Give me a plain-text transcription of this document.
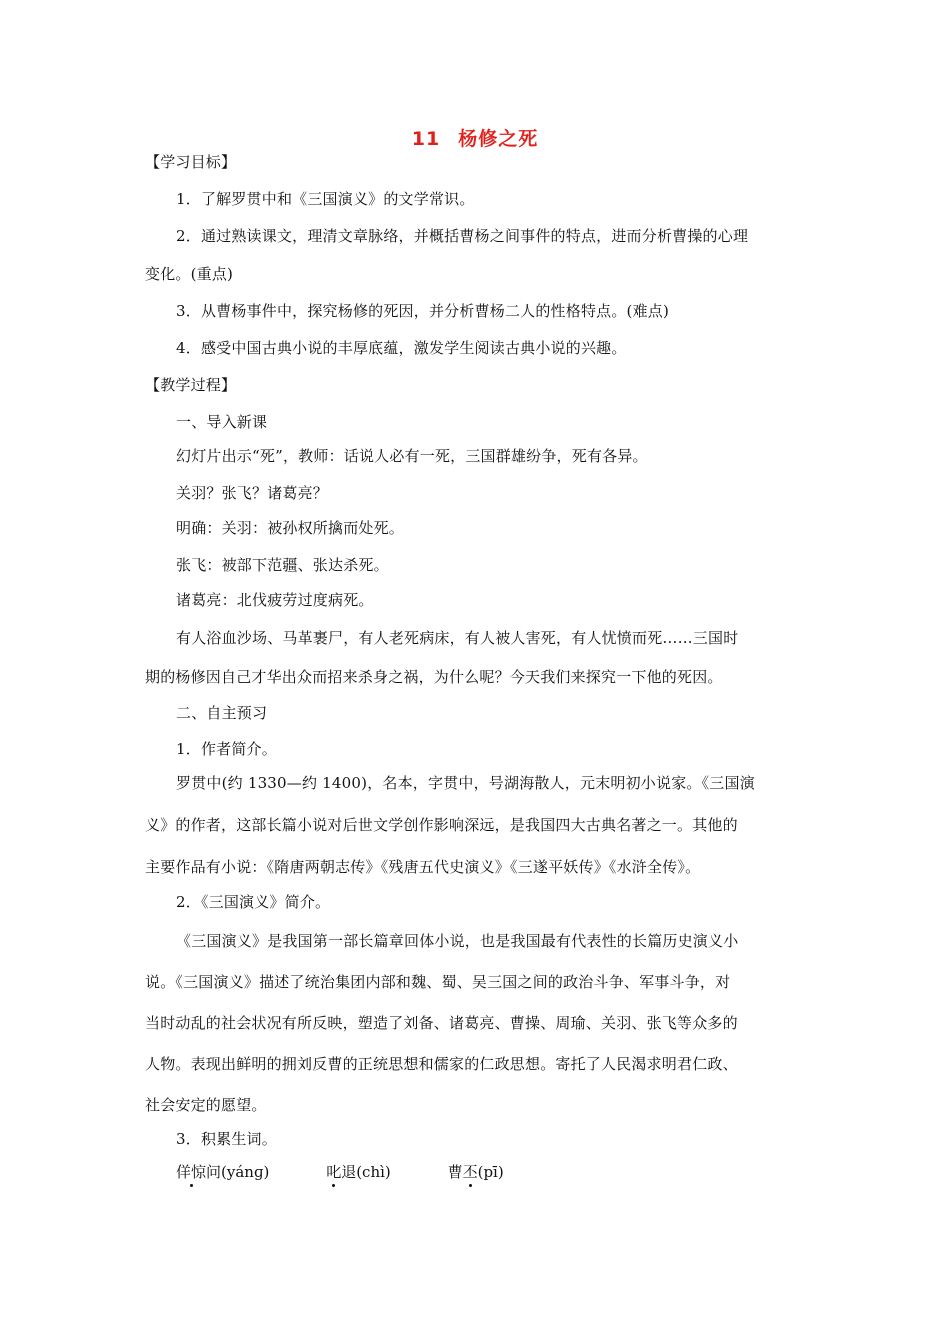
11 杨修之死
【学习目标】
1．了解罗贯中和《三国演义》的文学常识。
2．通过熟读课文，理清文章脉络，并概括曹杨之间事件的特点，进而分析曹操的心理
变化。(重点)
3．从曹杨事件中，探究杨修的死因，并分析曹杨二人的性格特点。(难点)
4．感受中国古典小说的丰厚底蕴，激发学生阅读古典小说的兴趣。
【教学过程】
一、导入新课
幻灯片出示“死”，教师：话说人必有一死，三国群雄纷争，死有各异。
关羽？张飞？诸葛亮？
明确：关羽：被孙权所擒而处死。
张飞：被部下范疆、张达杀死。
诸葛亮：北伐疲劳过度病死。
有人浴血沙场、马革裹尸，有人老死病床，有人被人害死，有人忧愤而死……三国时
期的杨修因自己才华出众而招来杀身之祸，为什么呢？今天我们来探究一下他的死因。
二、自主预习
1．作者简介。
罗贯中(约 1330—约 1400)，名本，字贯中，号湖海散人，元末明初小说家。《三国演
义》的作者，这部长篇小说对后世文学创作影响深远，是我国四大古典名著之一。其他的
主要作品有小说：《隋唐两朝志传》《残唐五代史演义》《三遂平妖传》《水浒全传》。
2．《三国演义》简介。
《三国演义》是我国第一部长篇章回体小说，也是我国最有代表性的长篇历史演义小
说。《三国演义》描述了统治集团内部和魏、蜀、吴三国之间的政治斗争、军事斗争，对
当时动乱的社会状况有所反映，塑造了刘备、诸葛亮、曹操、周瑜、关羽、张飞等众多的
人物。表现出鲜明的拥刘反曹的正统思想和儒家的仁政思想。寄托了人民渴求明君仁政、
社会安定的愿望。
3．积累生词。
佯惊问(yánɡ)	叱退(chì)	曹丕(pī)
